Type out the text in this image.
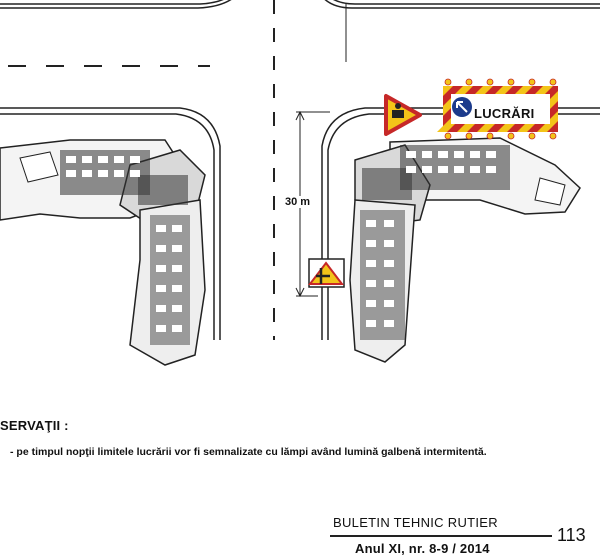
30 m
LUCRĂRI
SERVAŢII :
- pe timpul nopţii limitele lucrării vor fi semnalizate cu lămpi având lumină galbenă intermitentă.
BULETIN TEHNIC RUTIER
Anul XI, nr. 8-9 / 2014
113
